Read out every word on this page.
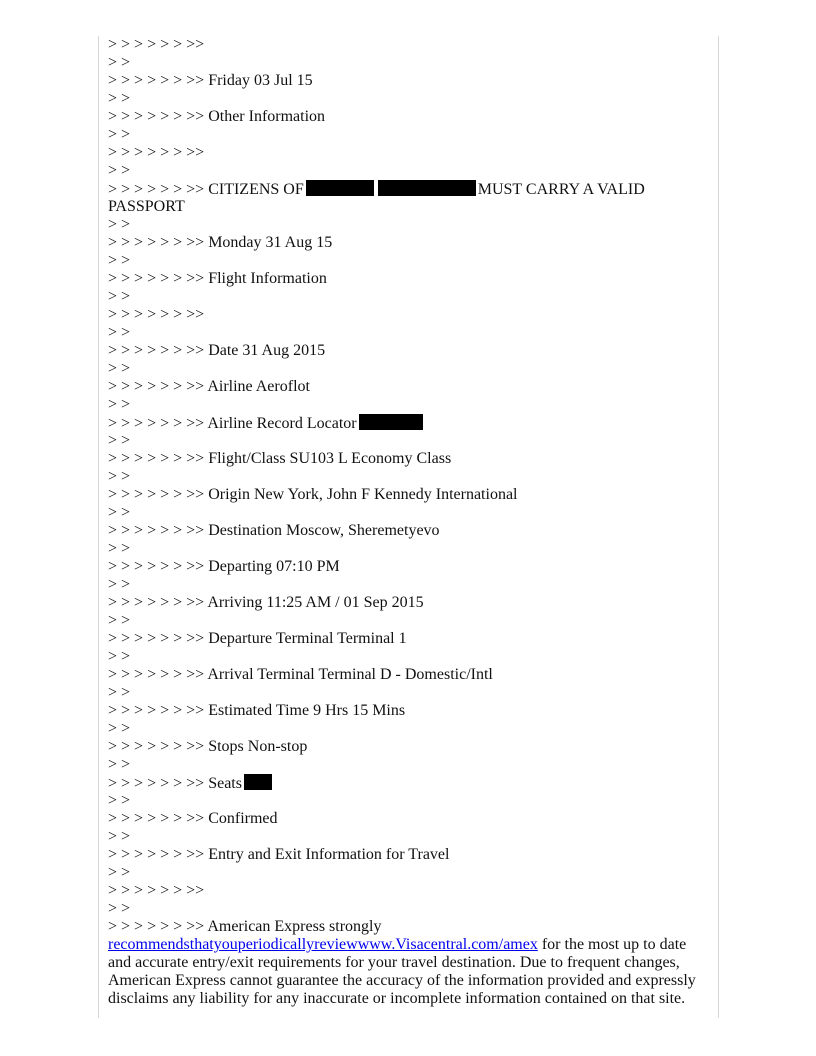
> > > > > > >>
> >
> > > > > > >> Friday 03 Jul 15
> >
> > > > > > >> Other Information
> >
> > > > > > >>
> >
> > > > > > >> CITIZENS OF	MUST CARRY A VALID
PASSPORT
> >
> > > > > > >> Monday 31 Aug 15
> >
> > > > > > >> Flight Information
> >
> > > > > > >>
> >
> > > > > > >> Date 31 Aug 2015
> >
> > > > > > >> Airline Aeroflot
> >
> > > > > > >> Airline Record Locator
> >
> > > > > > >> Flight/Class SU103 L Economy Class
> >
> > > > > > >> Origin New York, John F Kennedy International
> >
> > > > > > >> Destination Moscow, Sheremetyevo
> >
> > > > > > >> Departing 07:10 PM
> >
> > > > > > >> Arriving 11:25 AM / 01 Sep 2015
> >
> > > > > > >> Departure Terminal Terminal 1
> >
> > > > > > >> Arrival Terminal Terminal D - Domestic/Intl
> >
> > > > > > >> Estimated Time 9 Hrs 15 Mins
> >
> > > > > > >> Stops Non-stop
> >
> > > > > > >> Seats
> >
> > > > > > >> Confirmed
> >
> > > > > > >> Entry and Exit Information for Travel
> >
> > > > > > >>
> >
> > > > > > >> American Express strongly
recommendsthatyouperiodicallyreviewwww.Visacentral.com/amex for the most up to date and accurate entry/exit requirements for your travel destination. Due to frequent changes, American Express cannot guarantee the accuracy of the information provided and expressly disclaims any liability for any inaccurate or incomplete information contained on that site.
